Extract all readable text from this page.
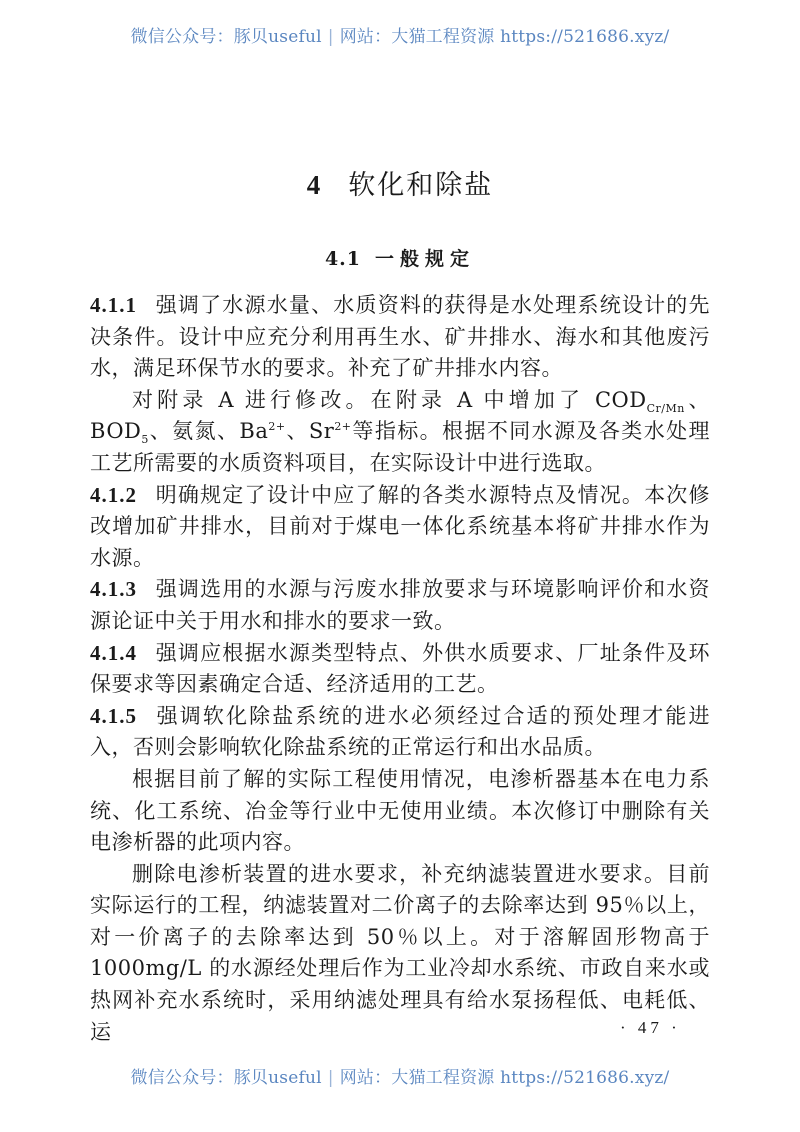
微信公众号：豚贝useful | 网站：大猫工程资源 https://521686.xyz/
4 软化和除盐
4.1 一般规定

4.1.1 强调了水源水量、水质资料的获得是水处理系统设计的先决条件。设计中应充分利用再生水、矿井排水、海水和其他废污水，满足环保节水的要求。补充了矿井排水内容。

对附录 A 进行修改。在附录 A 中增加了 $COD_{Cr/Mn}$、$BOD_5$、氨氮、$Ba^{2+}$、$Sr^{2+}$等指标。根据不同水源及各类水处理工艺所需要的水质资料项目，在实际设计中进行选取。

4.1.2 明确规定了设计中应了解的各类水源特点及情况。本次修改增加矿井排水，目前对于煤电一体化系统基本将矿井排水作为水源。

4.1.3 强调选用的水源与污废水排放要求与环境影响评价和水资源论证中关于用水和排水的要求一致。

4.1.4 强调应根据水源类型特点、外供水质要求、厂址条件及环保要求等因素确定合适、经济适用的工艺。

4.1.5 强调软化除盐系统的进水必须经过合适的预处理才能进入，否则会影响软化除盐系统的正常运行和出水品质。

根据目前了解的实际工程使用情况，电渗析器基本在电力系统、化工系统、冶金等行业中无使用业绩。本次修订中删除有关电渗析器的此项内容。

删除电渗析装置的进水要求，补充纳滤装置进水要求。目前实际运行的工程，纳滤装置对二价离子的去除率达到 95％以上，对一价离子的去除率达到 50％以上。对于溶解固形物高于1000mg/L 的水源经处理后作为工业冷却水系统、市政自来水或热网补充水系统时，采用纳滤处理具有给水泵扬程低、电耗低、运	· 47 ·
微信公众号：豚贝useful | 网站：大猫工程资源 https://521686.xyz/
